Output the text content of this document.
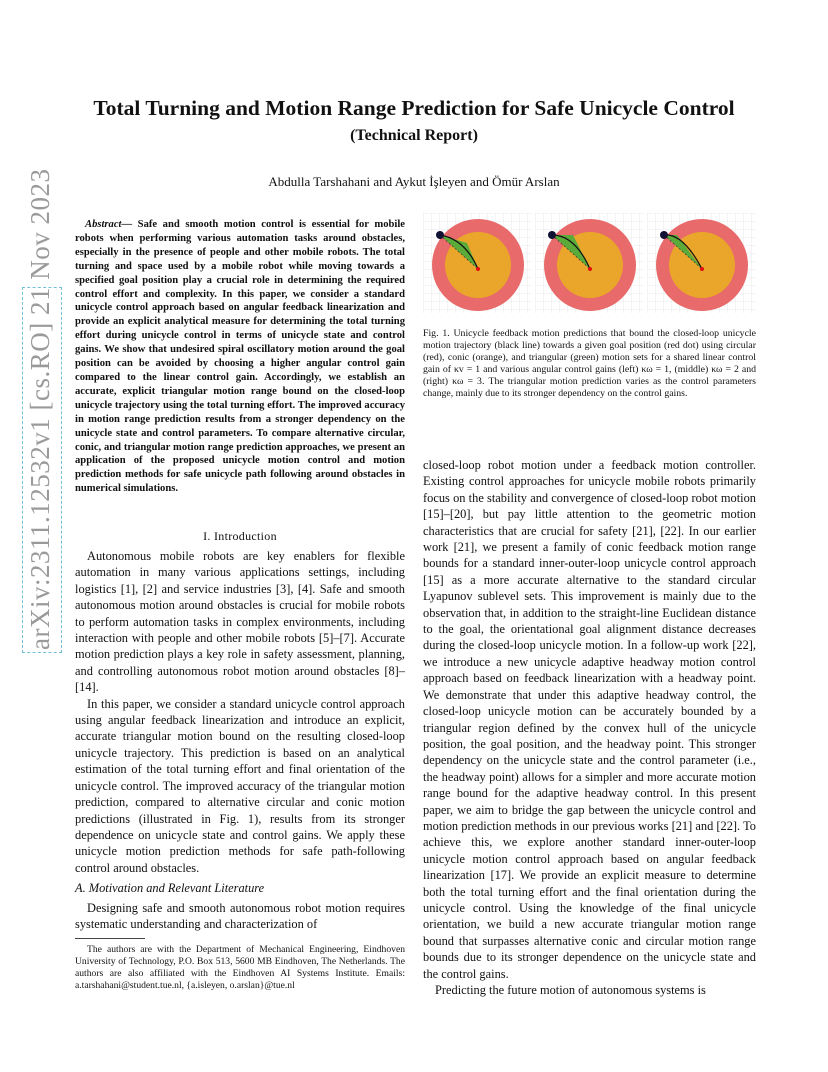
Total Turning and Motion Range Prediction for Safe Unicycle Control
(Technical Report)
Abdulla Tarshahani and Aykut İşleyen and Ömür Arslan
arXiv:2311.12532v1 [cs.RO] 21 Nov 2023	Abstract— Safe and smooth motion control is essential for mobile robots when performing various automation tasks around obstacles, especially in the presence of people and other mobile robots. The total turning and space used by a mobile robot while moving towards a specified goal position play a crucial role in determining the required control effort and complexity. In this paper, we consider a standard unicycle control approach based on angular feedback linearization and provide an explicit analytical measure for determining the total turning effort during unicycle control in terms of unicycle state and control gains. We show that undesired spiral oscillatory motion around the goal position can be avoided by choosing a higher angular control gain compared to the linear control gain. Accordingly, we establish an accurate, explicit triangular motion range bound on the closed-loop unicycle trajectory using the total turning effort. The improved accuracy in motion range prediction results from a stronger dependency on the unicycle state and control parameters. To compare alternative circular, conic, and triangular motion range prediction approaches, we present an application of the proposed unicycle motion control and motion prediction methods for safe unicycle path following around obstacles in numerical simulations.
I. Introduction

Autonomous mobile robots are key enablers for flexible automation in many various applications settings, including logistics [1], [2] and service industries [3], [4]. Safe and smooth autonomous motion around obstacles is crucial for mobile robots to perform automation tasks in complex environments, including interaction with people and other mobile robots [5]–[7]. Accurate motion prediction plays a key role in safety assessment, planning, and controlling autonomous robot motion around obstacles [8]–[14].

In this paper, we consider a standard unicycle control approach using angular feedback linearization and introduce an explicit, accurate triangular motion bound on the resulting closed-loop unicycle trajectory. This prediction is based on an analytical estimation of the total turning effort and final orientation of the unicycle control. The improved accuracy of the triangular motion prediction, compared to alternative circular and conic motion predictions (illustrated in Fig. 1), results from its stronger dependence on unicycle state and control gains. We apply these unicycle motion prediction methods for safe path-following control around obstacles.

A. Motivation and Relevant Literature

Designing safe and smooth autonomous robot motion requires systematic understanding and characterization of

The authors are with the Department of Mechanical Engineering, Eindhoven University of Technology, P.O. Box 513, 5600 MB Eindhoven, The Netherlands. The authors are also affiliated with the Eindhoven AI Systems Institute. Emails: a.tarshahani@student.tue.nl, {a.isleyen, o.arslan}@tue.nl

Fig. 1. Unicycle feedback motion predictions that bound the closed-loop unicycle motion trajectory (black line) towards a given goal position (red dot) using circular (red), conic (orange), and triangular (green) motion sets for a shared linear control gain of κv = 1 and various angular control gains (left) κω = 1, (middle) κω = 2 and (right) κω = 3. The triangular motion prediction varies as the control parameters change, mainly due to its stronger dependency on the control gains.

closed-loop robot motion under a feedback motion controller. Existing control approaches for unicycle mobile robots primarily focus on the stability and convergence of closed-loop robot motion [15]–[20], but pay little attention to the geometric motion characteristics that are crucial for safety [21], [22]. In our earlier work [21], we present a family of conic feedback motion range bounds for a standard inner-outer-loop unicycle control approach [15] as a more accurate alternative to the standard circular Lyapunov sublevel sets. This improvement is mainly due to the observation that, in addition to the straight-line Euclidean distance to the goal, the orientational goal alignment distance decreases during the closed-loop unicycle motion. In a follow-up work [22], we introduce a new unicycle adaptive headway motion control approach based on feedback linearization with a headway point. We demonstrate that under this adaptive headway control, the closed-loop unicycle motion can be accurately bounded by a triangular region defined by the convex hull of the unicycle position, the goal position, and the headway point. This stronger dependency on the unicycle state and the control parameter (i.e., the headway point) allows for a simpler and more accurate motion range bound for the adaptive headway control. In this present paper, we aim to bridge the gap between the unicycle control and motion prediction methods in our previous works [21] and [22]. To achieve this, we explore another standard inner-outer-loop unicycle motion control approach based on angular feedback linearization [17]. We provide an explicit measure to determine both the total turning effort and the final orientation during the unicycle control. Using the knowledge of the final unicycle orientation, we build a new accurate triangular motion range bound that surpasses alternative conic and circular motion range bounds due to its stronger dependence on the unicycle state and the control gains.

Predicting the future motion of autonomous systems is
